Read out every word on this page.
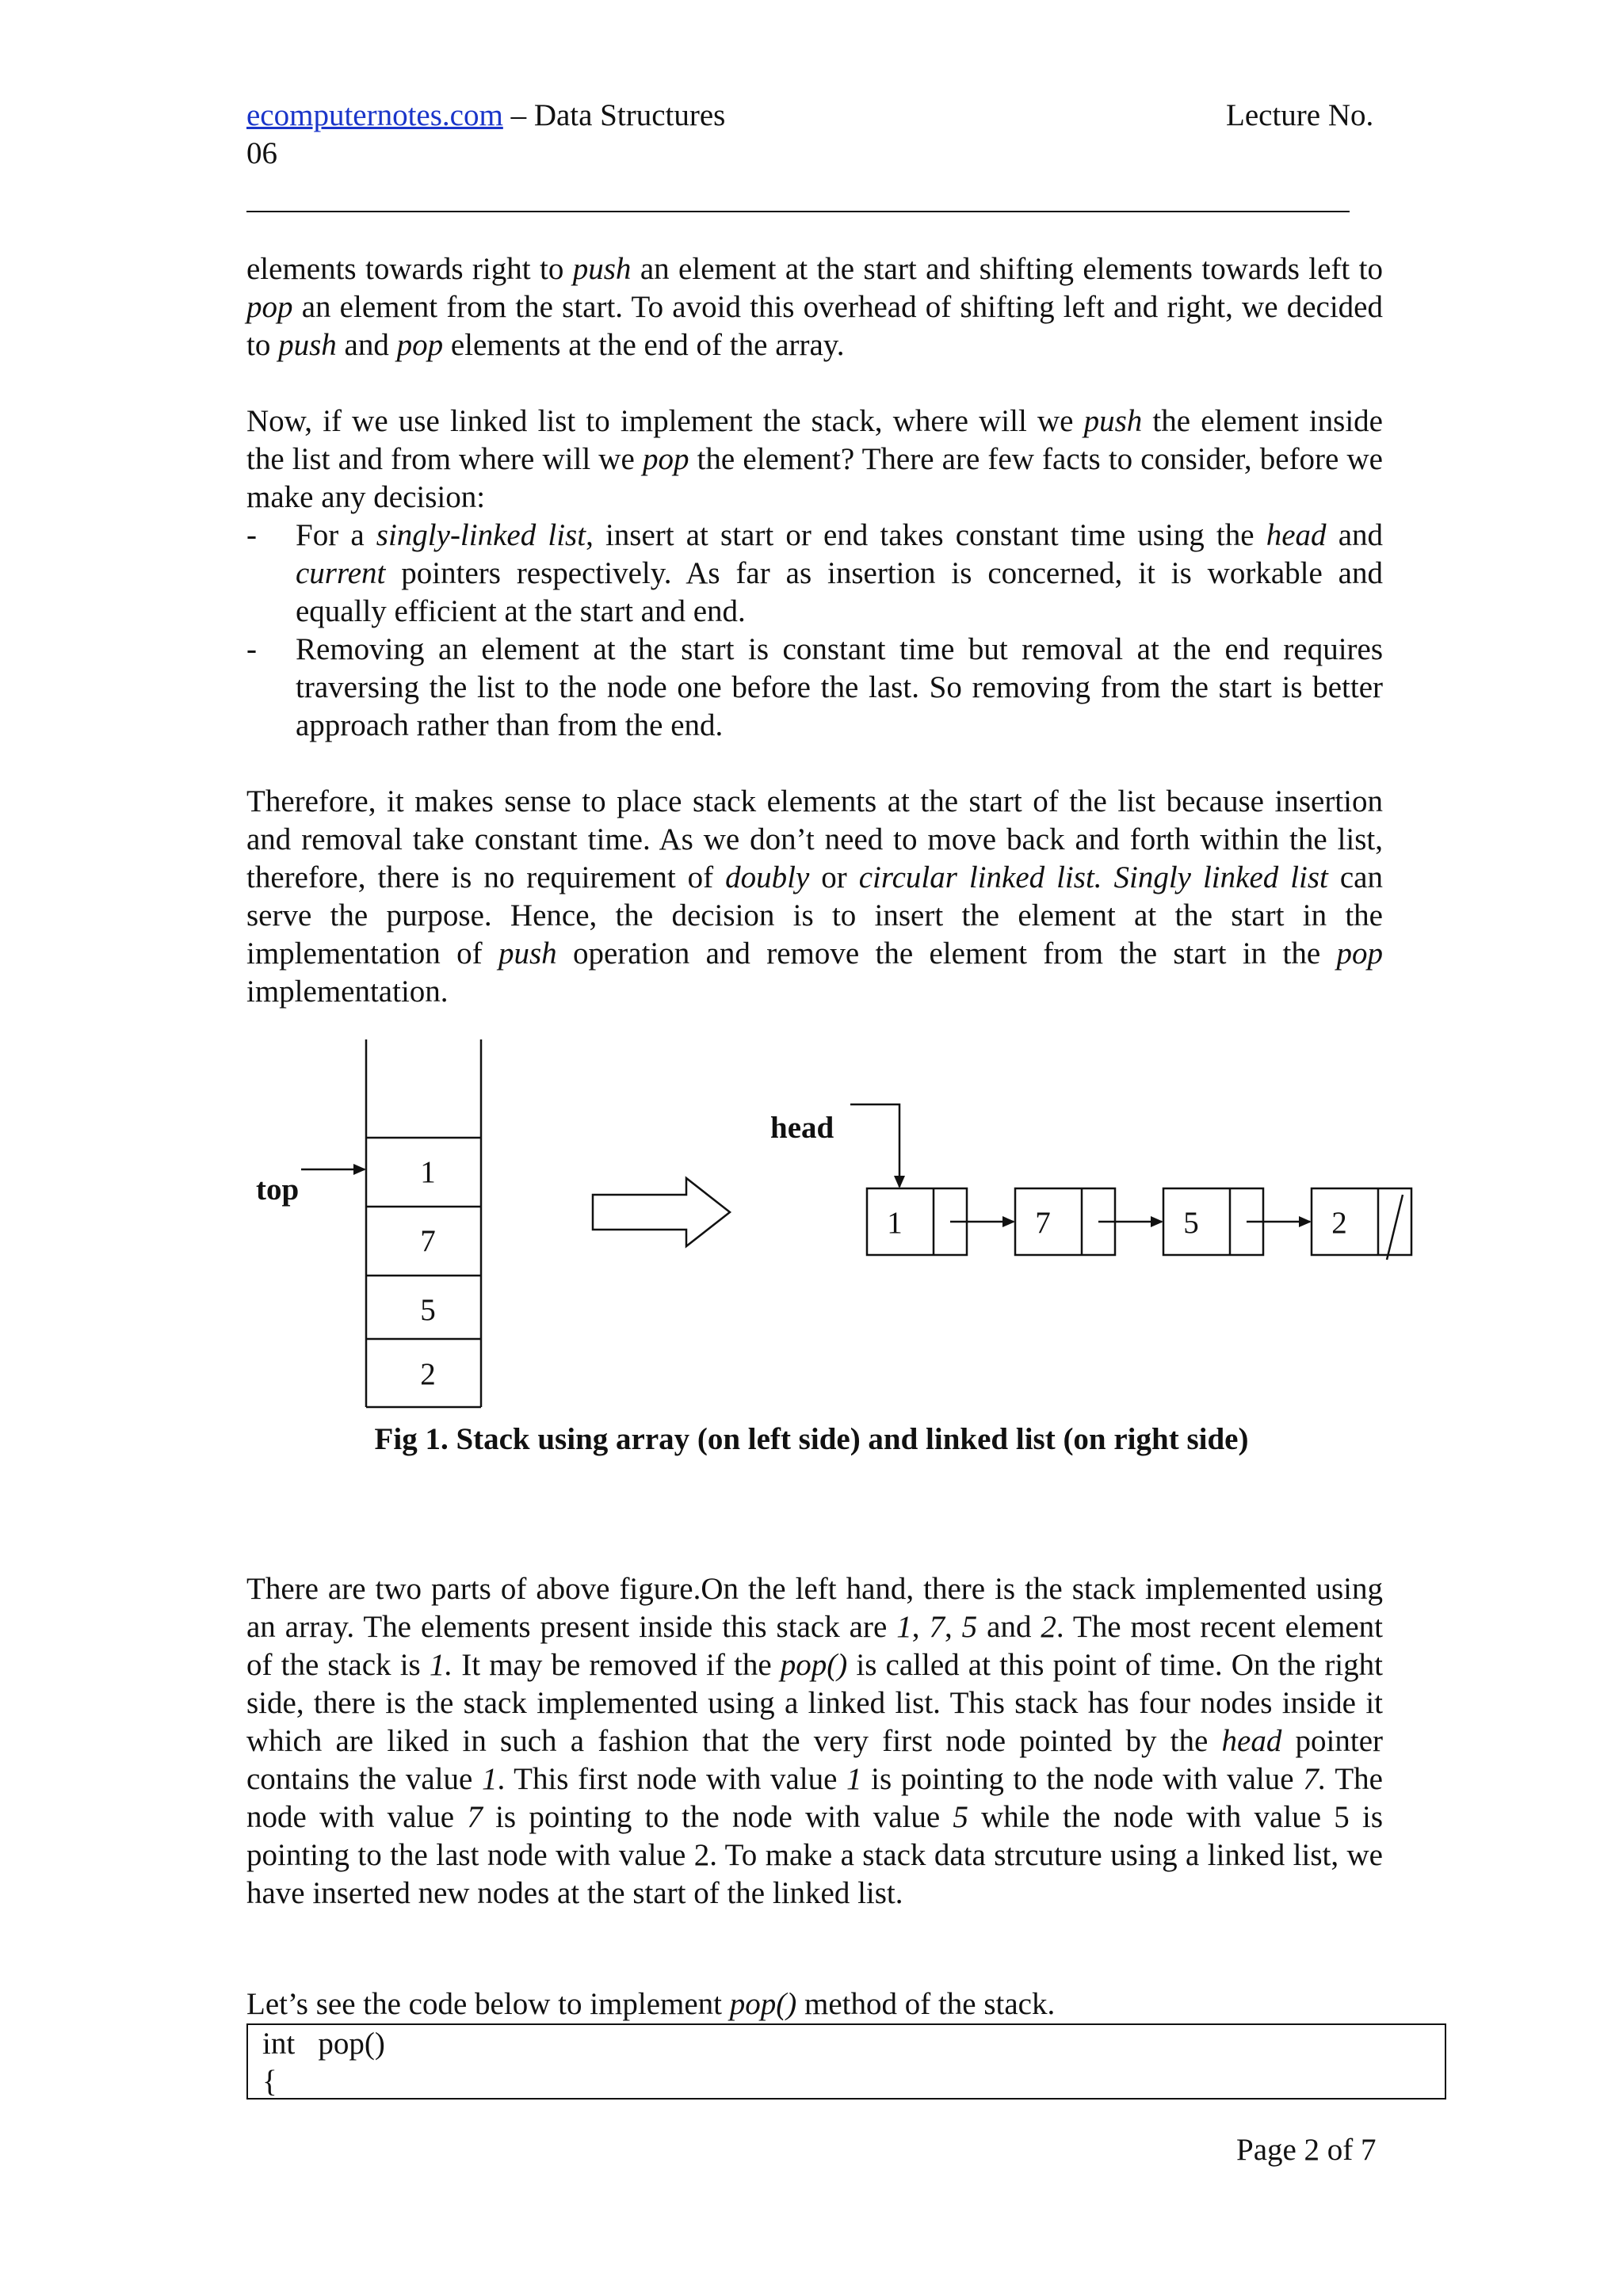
ecomputernotes.com – Data Structures	Lecture No.
06

elements towards right to push an element at the start and shifting elements towards left to pop an element from the start. To avoid this overhead of shifting left and right, we decided to push and pop elements at the end of the array.

Now, if we use linked list to implement the stack, where will we push the element inside the list and from where will we pop the element? There are few facts to consider, before we make any decision:

- For a singly-linked list, insert at start or end takes constant time using the head and current pointers respectively. As far as insertion is concerned, it is workable and equally efficient at the start and end.
- Removing an element at the start is constant time but removal at the end requires traversing the list to the node one before the last. So removing from the start is better approach rather than from the end.

Therefore, it makes sense to place stack elements at the start of the list because insertion and removal take constant time. As we don’t need to move back and forth within the list, therefore, there is no requirement of doubly or circular linked list. Singly linked list can serve the purpose. Hence, the decision is to insert the element at the start in the implementation of push operation and remove the element from the start in the pop implementation.

top
head
1
7
5
2
1	7	5	2
Fig 1. Stack using array (on left side) and linked list (on right side)

There are two parts of above figure.On the left hand, there is the stack implemented using an array. The elements present inside this stack are 1, 7, 5 and 2. The most recent element of the stack is 1. It may be removed if the pop() is called at this point of time. On the right side, there is the stack implemented using a linked list. This stack has four nodes inside it which are liked in such a fashion that the very first node pointed by the head pointer contains the value 1. This first node with value 1 is pointing to the node with value 7. The node with value 7 is pointing to the node with value 5 while the node with value 5 is pointing to the last node with value 2. To make a stack data strcuture using a linked list, we have inserted new nodes at the start of the linked list.

Let’s see the code below to implement pop() method of the stack.
int   pop()
{
Page 2 of 7
